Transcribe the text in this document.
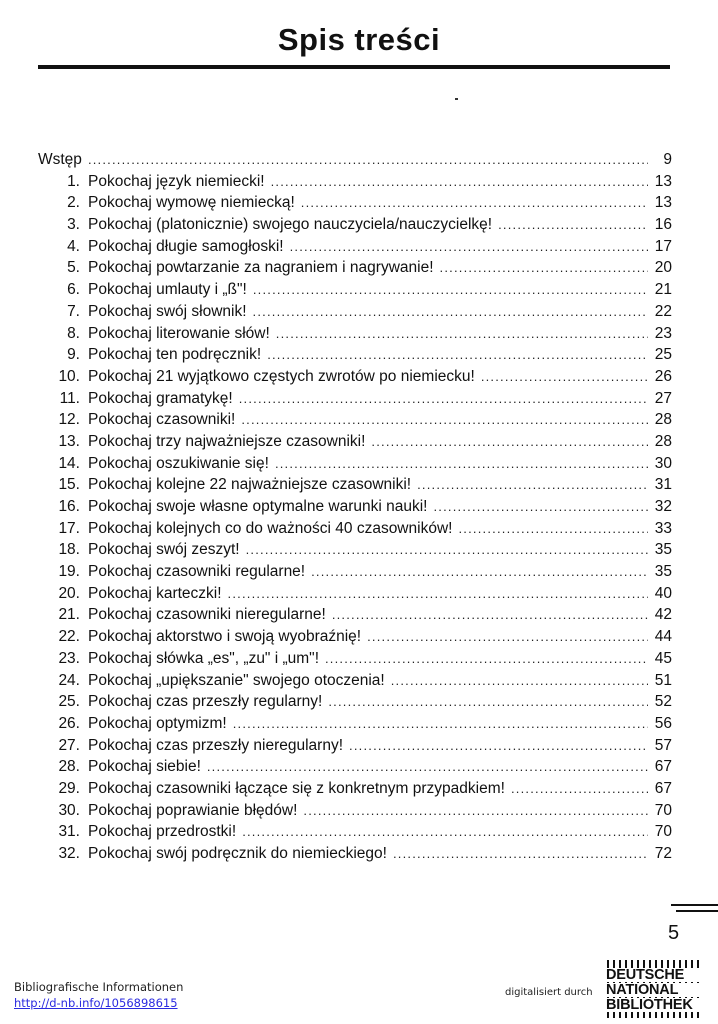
Spis treści
Wstęp .....	9
1. Pokochaj język niemiecki! .....	13
2. Pokochaj wymowę niemiecką! .....	13
3. Pokochaj (platonicznie) swojego nauczyciela/nauczycielkę! .....	16
4. Pokochaj długie samogłoski! .....	17
5. Pokochaj powtarzanie za nagraniem i nagrywanie! .....	20
6. Pokochaj umlauty i „ß"! .....	21
7. Pokochaj swój słownik! .....	22
8. Pokochaj literowanie słów! .....	23
9. Pokochaj ten podręcznik! .....	25
10. Pokochaj 21 wyjątkowo częstych zwrotów po niemiecku! .....	26
11. Pokochaj gramatykę! .....	27
12. Pokochaj czasowniki! .....	28
13. Pokochaj trzy najważniejsze czasowniki! .....	28
14. Pokochaj oszukiwanie się! .....	30
15. Pokochaj kolejne 22 najważniejsze czasowniki! .....	31
16. Pokochaj swoje własne optymalne warunki nauki! .....	32
17. Pokochaj kolejnych co do ważności 40 czasowników! .....	33
18. Pokochaj swój zeszyt! .....	35
19. Pokochaj czasowniki regularne! .....	35
20. Pokochaj karteczki! .....	40
21. Pokochaj czasowniki nieregularne! .....	42
22. Pokochaj aktorstwo i swoją wyobraźnię! .....	44
23. Pokochaj słówka „es", „zu" i „um"! .....	45
24. Pokochaj „upiększanie" swojego otoczenia! .....	51
25. Pokochaj czas przeszły regularny! .....	52
26. Pokochaj optymizm! .....	56
27. Pokochaj czas przeszły nieregularny! .....	57
28. Pokochaj siebie! .....	67
29. Pokochaj czasowniki łączące się z konkretnym przypadkiem! .....	67
30. Pokochaj poprawianie błędów! .....	70
31. Pokochaj przedrostki! .....	70
32. Pokochaj swój podręcznik do niemieckiego! .....	72
5
Bibliografische Informationen
http://d-nb.info/1056898615
digitalisiert durch
DEUTSCHE
NATIONAL
BIBLIOTHEK
